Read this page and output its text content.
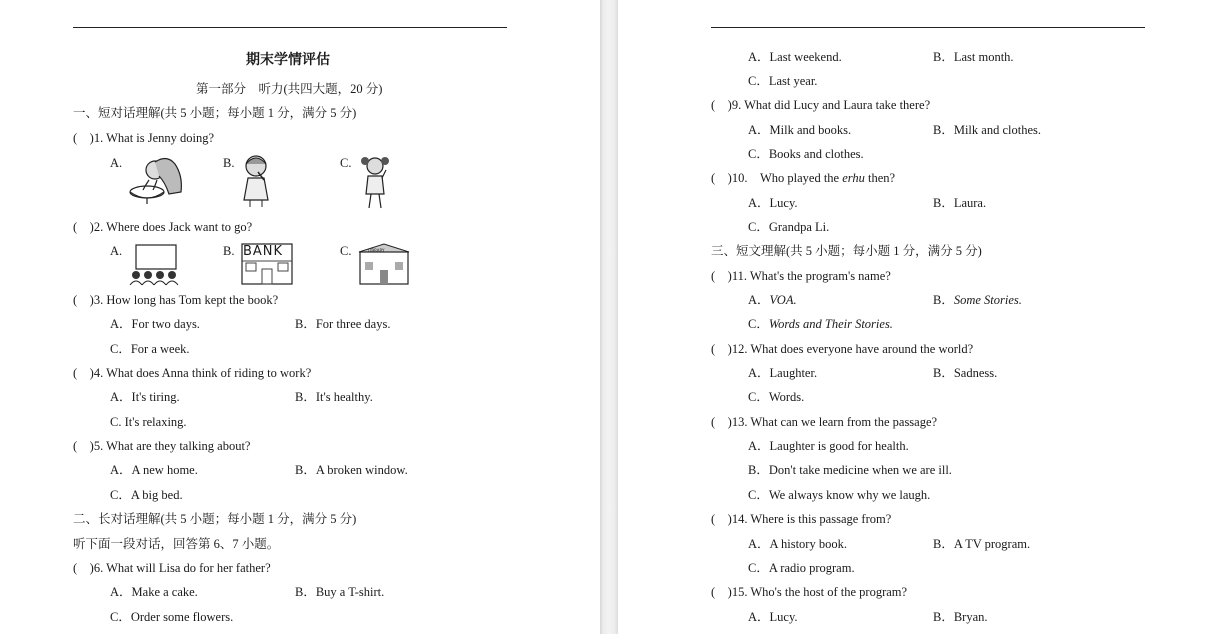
期末学情评估
第一部分　听力(共四大题，20 分)
一、短对话理解(共 5 小题；每小题 1 分，满分 5 分)
(　)1. What is Jenny doing?
A.	B.	C.
(　)2. Where does Jack want to go?
A.	B.	C.
BANK	LIBRARY
(　)3. How long has Tom kept the book?
A．For two days.	B．For three days.
C．For a week.
(　)4. What does Anna think of riding to work?
A．It's tiring.	B．It's healthy.
C. It's relaxing.
(　)5. What are they talking about?
A．A new home.	B．A broken window.
C．A big bed.
二、长对话理解(共 5 小题；每小题 1 分，满分 5 分)
听下面一段对话，回答第 6、7 小题。
(　)6. What will Lisa do for her father?
A．Make a cake.	B．Buy a T-shirt.
C．Order some flowers.
A．Last weekend.	B．Last month.
C．Last year.
(　)9. What did Lucy and Laura take there?
A．Milk and books.	B．Milk and clothes.
C．Books and clothes.
(　)10.　Who played the erhu then?
A．Lucy.	B．Laura.
C．Grandpa Li.
三、短文理解(共 5 小题；每小题 1 分，满分 5 分)
(　)11. What's the program's name?
A．VOA.	B．Some Stories.
C．Words and Their Stories.
(　)12. What does everyone have around the world?
A．Laughter.	B．Sadness.
C．Words.
(　)13. What can we learn from the passage?
A．Laughter is good for health.
B．Don't take medicine when we are ill.
C．We always know why we laugh.
(　)14. Where is this passage from?
A．A history book.	B．A TV program.
C．A radio program.
(　)15. Who's the host of the program?
A．Lucy.	B．Bryan.
